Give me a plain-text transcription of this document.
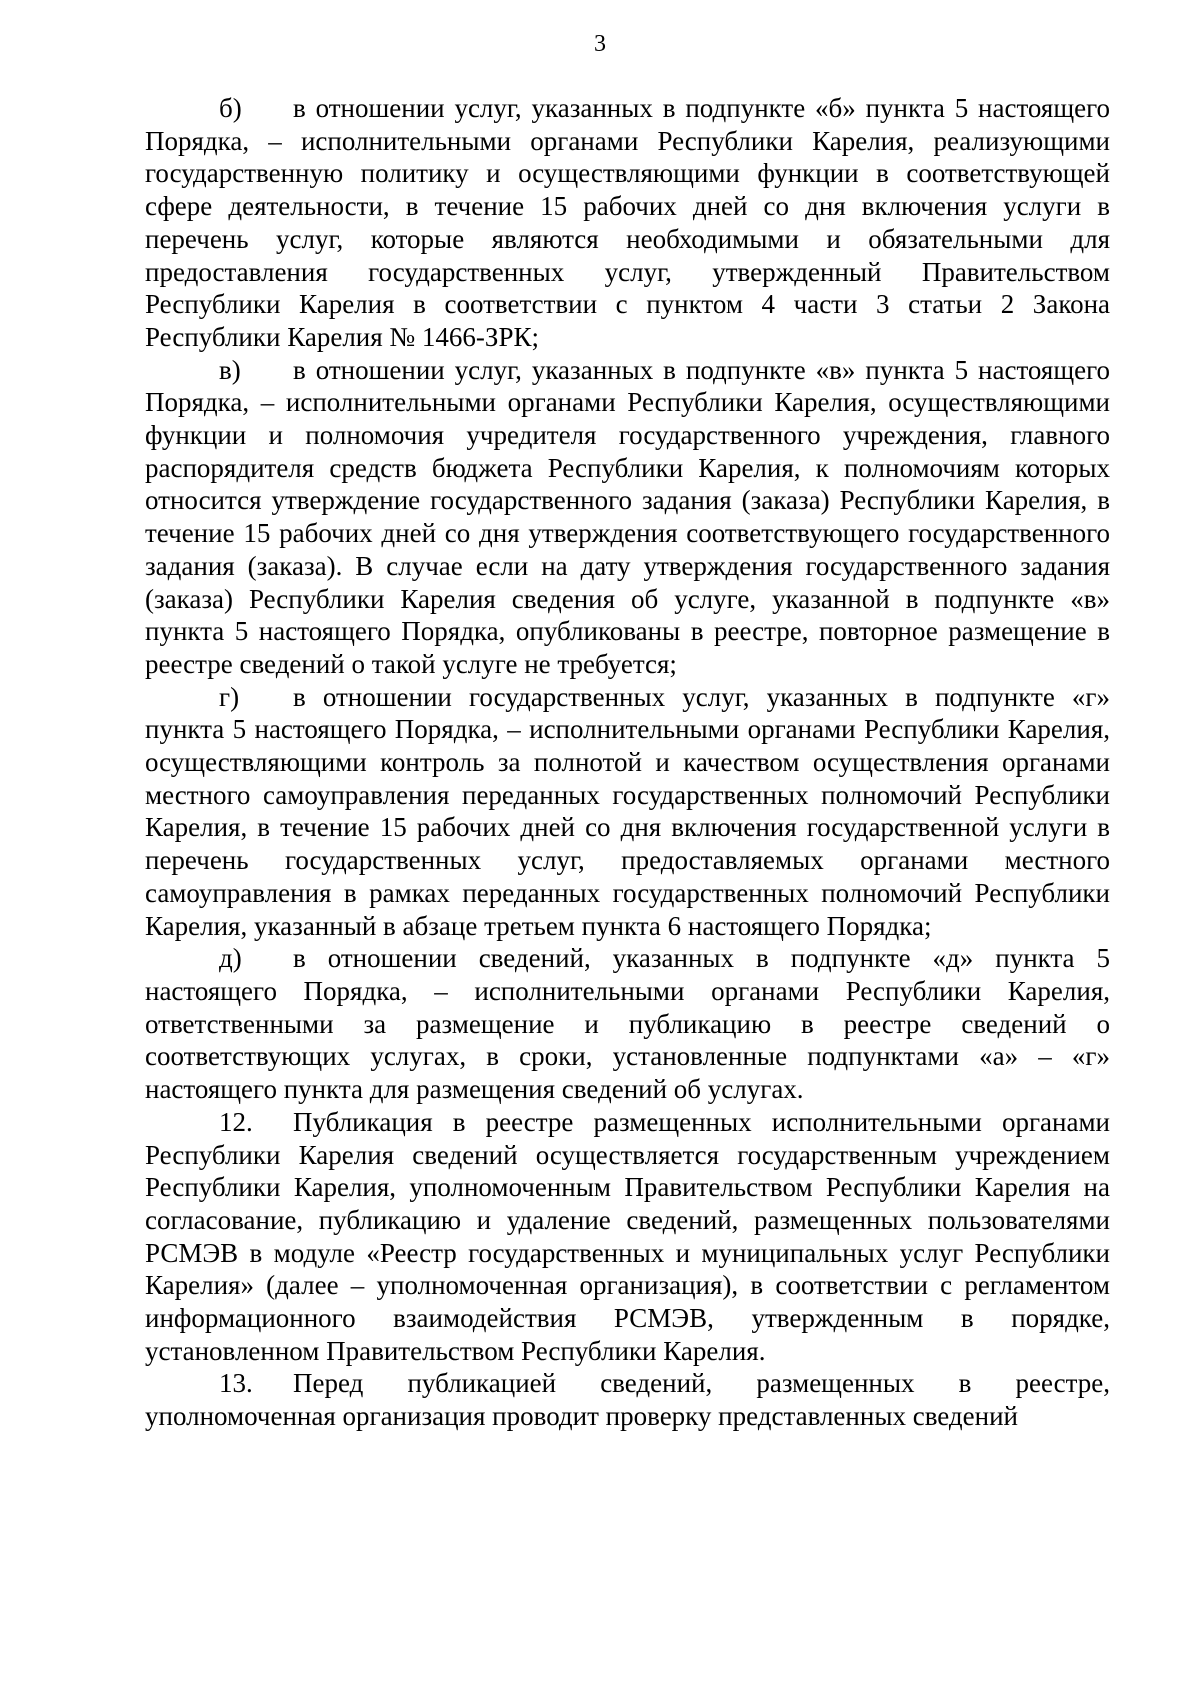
3

б) в отношении услуг, указанных в подпункте «б» пункта 5 настоящего Порядка, – исполнительными органами Республики Карелия, реализующими государственную политику и осуществляющими функции в соответствующей сфере деятельности, в течение 15 рабочих дней со дня включения услуги в перечень услуг, которые являются необходимыми и обязательными для предоставления государственных услуг, утвержденный Правительством Республики Карелия в соответствии с пунктом 4 части 3 статьи 2 Закона Республики Карелия № 1466-ЗРК;

в) в отношении услуг, указанных в подпункте «в» пункта 5 настоящего Порядка, – исполнительными органами Республики Карелия, осуществляющими функции и полномочия учредителя государственного учреждения, главного распорядителя средств бюджета Республики Карелия, к полномочиям которых относится утверждение государственного задания (заказа) Республики Карелия, в течение 15 рабочих дней со дня утверждения соответствующего государственного задания (заказа). В случае если на дату утверждения государственного задания (заказа) Республики Карелия сведения об услуге, указанной в подпункте «в» пункта 5 настоящего Порядка, опубликованы в реестре, повторное размещение в реестре сведений о такой услуге не требуется;

г) в отношении государственных услуг, указанных в подпункте «г» пункта 5 настоящего Порядка, – исполнительными органами Республики Карелия, осуществляющими контроль за полнотой и качеством осуществления органами местного самоуправления переданных государственных полномочий Республики Карелия, в течение 15 рабочих дней со дня включения государственной услуги в перечень государственных услуг, предоставляемых органами местного самоуправления в рамках переданных государственных полномочий Республики Карелия, указанный в абзаце третьем пункта 6 настоящего Порядка;

д) в отношении сведений, указанных в подпункте «д» пункта 5 настоящего Порядка, – исполнительными органами Республики Карелия, ответственными за размещение и публикацию в реестре сведений о соответствующих услугах, в сроки, установленные подпунктами «а» – «г» настоящего пункта для размещения сведений об услугах.

12. Публикация в реестре размещенных исполнительными органами Республики Карелия сведений осуществляется государственным учреждением Республики Карелия, уполномоченным Правительством Республики Карелия на согласование, публикацию и удаление сведений, размещенных пользователями РСМЭВ в модуле «Реестр государственных и муниципальных услуг Республики Карелия» (далее – уполномоченная организация), в соответствии с регламентом информационного взаимодействия РСМЭВ, утвержденным в порядке, установленном Правительством Республики Карелия.

13. Перед публикацией сведений, размещенных в реестре, уполномоченная организация проводит проверку представленных сведений
